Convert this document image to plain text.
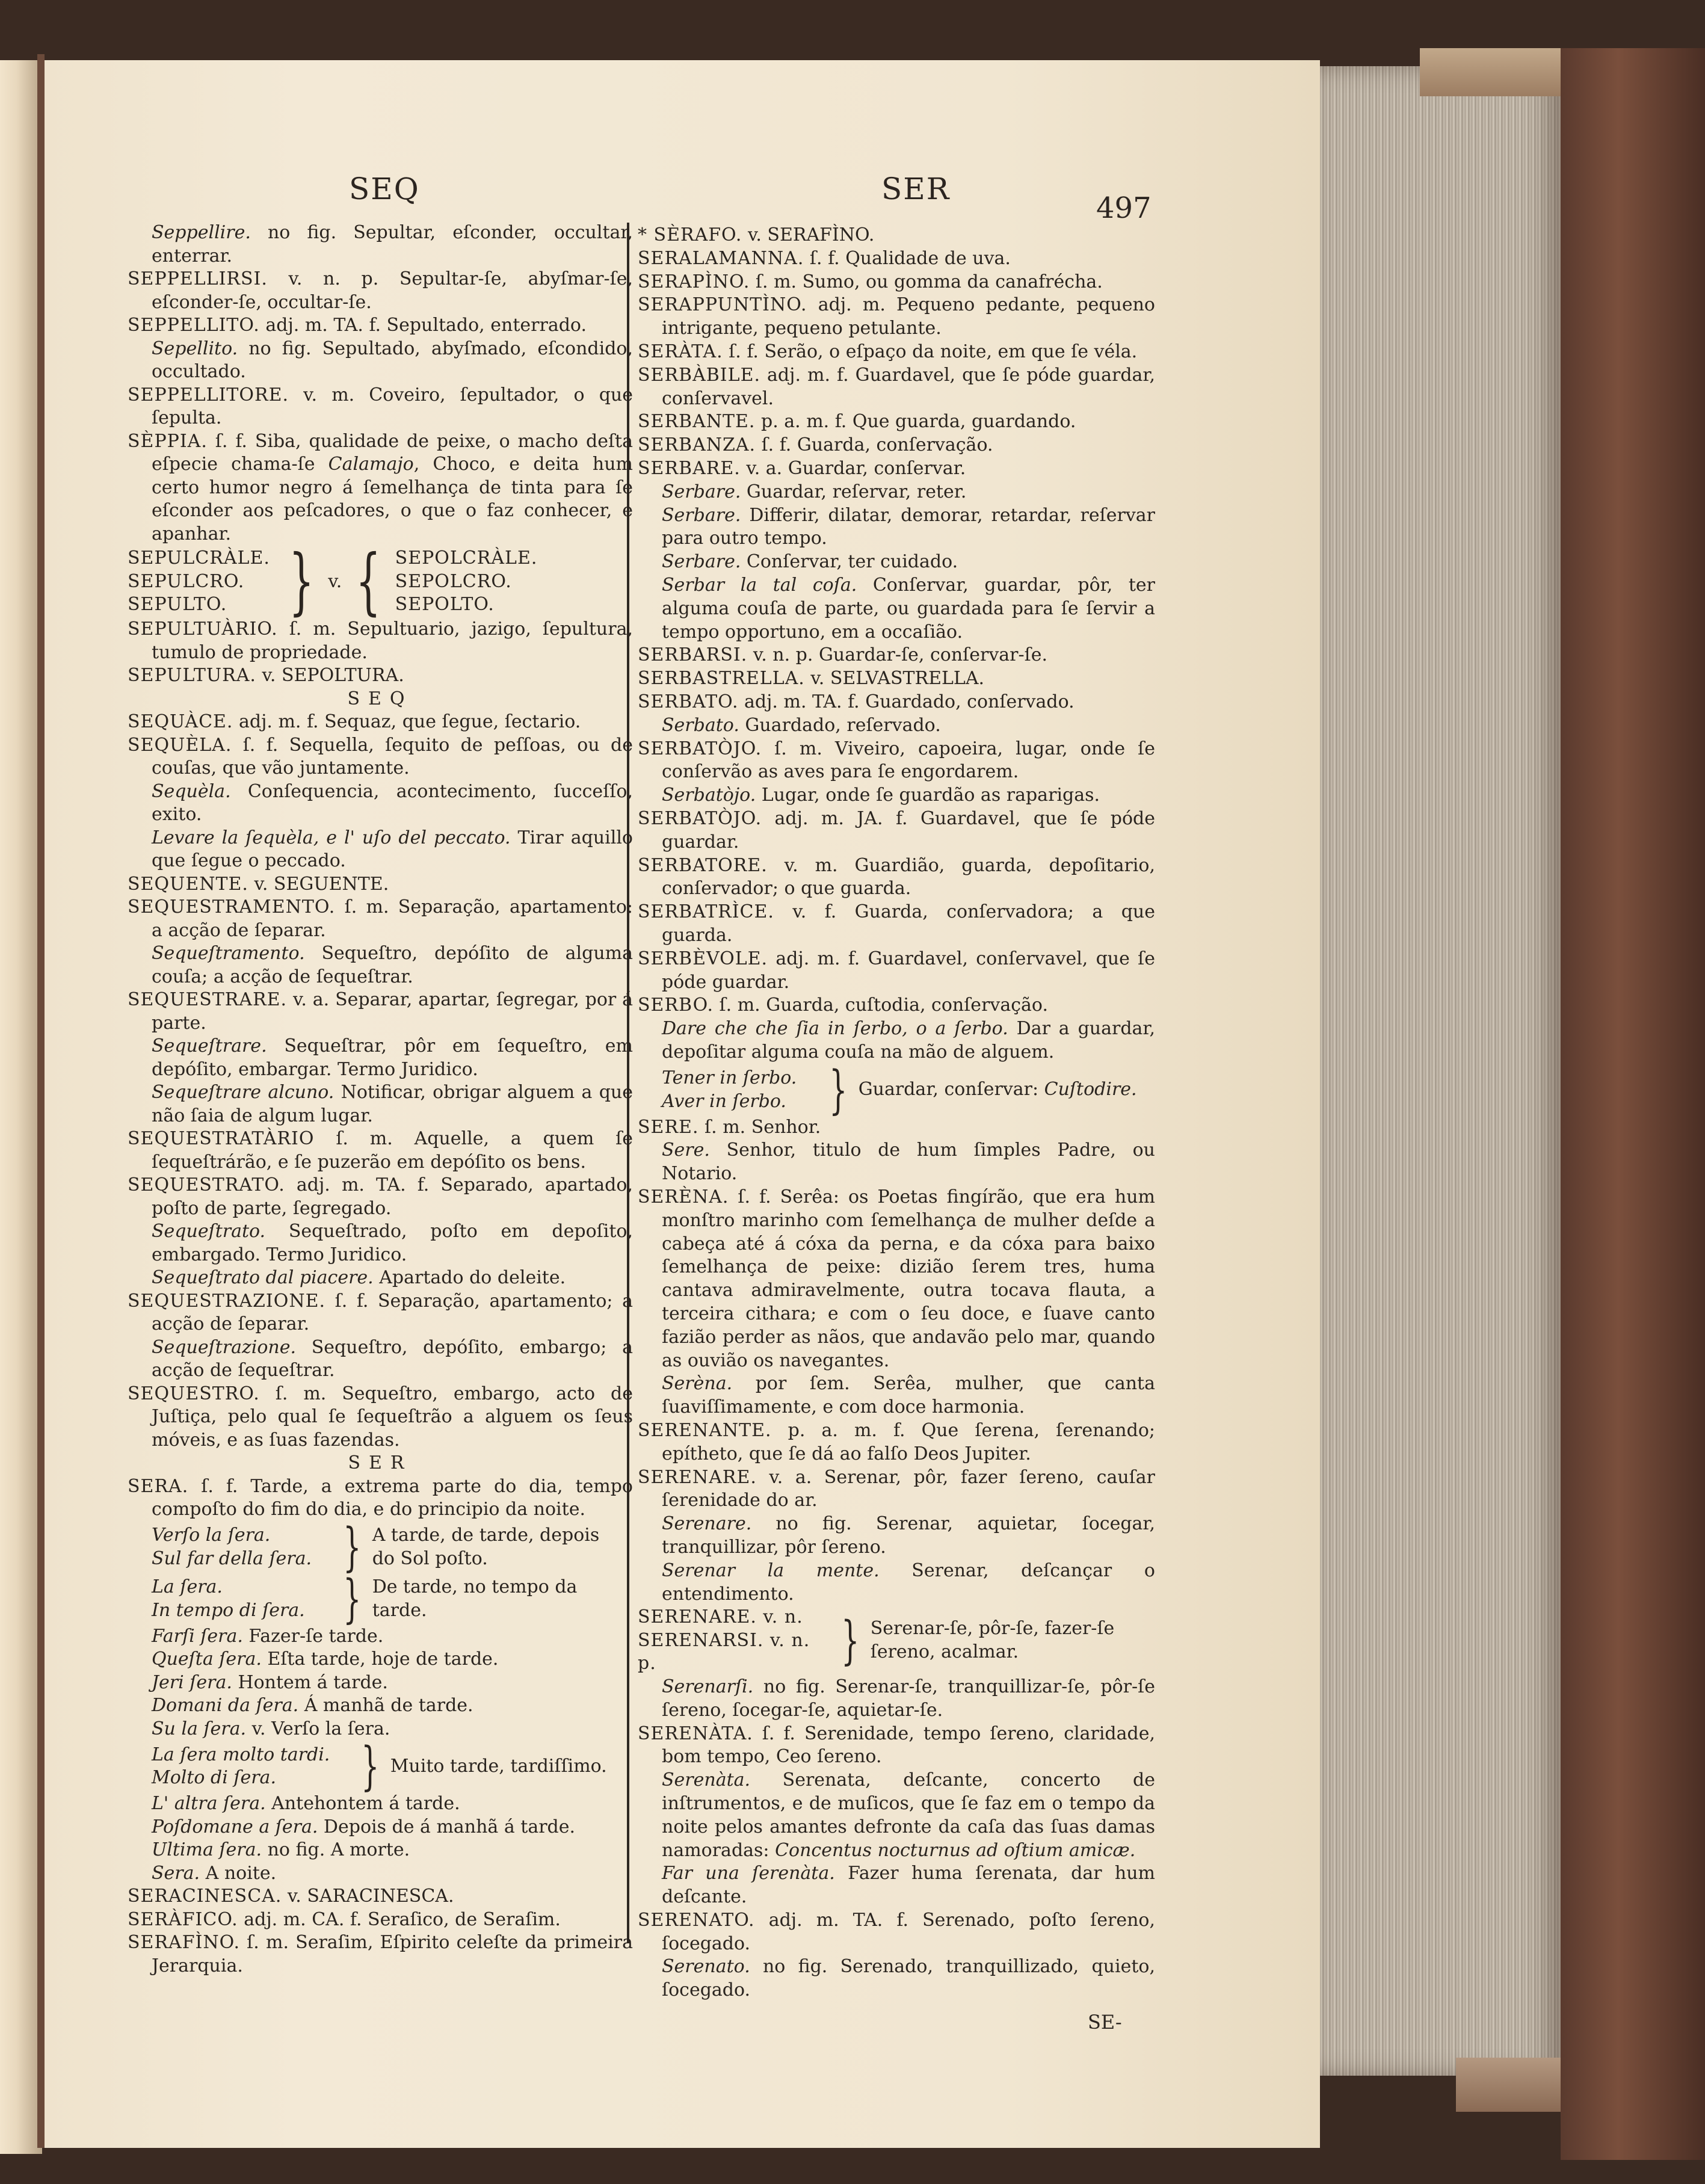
SEQ	SER
497

Seppellire. no fig. Sepultar, eſconder, occultar, enterrar.

SEPPELLIRSI. v. n. p. Sepultar-ſe, abyſmar-ſe, eſconder-ſe, occultar-ſe.

SEPPELLITO. adj. m. TA. f. Sepultado, enterrado.

Sepellito. no fig. Sepultado, abyſmado, eſcondido, occultado.

SEPPELLITORE. v. m. Coveiro, ſepultador, o que ſepulta.

SÈPPIA. ſ. f. Siba, qualidade de peixe, o macho deſta eſpecie chama-ſe Calamajo, Choco, e deita hum certo humor negro á ſemelhança de tinta para ſe eſconder aos peſcadores, o que o faz conhecer, e apanhar.

SEPULCRÀLE.
SEPULCRO.
SEPULTO. } v. { SEPOLCRÀLE.
SEPOLCRO.
SEPOLTO.

SEPULTUÀRIO. ſ. m. Sepultuario, jazigo, ſepultura, tumulo de propriedade.

SEPULTURA. v. SEPOLTURA.

SEQ

SEQUÀCE. adj. m. f. Sequaz, que ſegue, ſectario.

SEQUÈLA. ſ. f. Sequella, ſequito de peſſoas, ou de couſas, que vão juntamente.

Sequèla. Conſequencia, acontecimento, ſucceſſo, exito.

Levare la ſequèla, e l' uſo del peccato. Tirar aquillo que ſegue o peccado.

SEQUENTE. v. SEGUENTE.

SEQUESTRAMENTO. ſ. m. Separação, apartamento: a acção de ſeparar.

Sequeſtramento. Sequeſtro, depóſito de alguma couſa; a acção de ſequeſtrar.

SEQUESTRARE. v. a. Separar, apartar, ſegregar, por á parte.

Sequeſtrare. Sequeſtrar, pôr em ſequeſtro, em depóſito, embargar. Termo Juridico.

Sequeſtrare alcuno. Notificar, obrigar alguem a que não ſaia de algum lugar.

SEQUESTRATÀRIO ſ. m. Aquelle, a quem ſe ſequeſtrárão, e ſe puzerão em depóſito os bens.

SEQUESTRATO. adj. m. TA. f. Separado, apartado, poſto de parte, ſegregado.

Sequeſtrato. Sequeſtrado, poſto em depoſito, embargado. Termo Juridico.

Sequeſtrato dal piacere. Apartado do deleite.

SEQUESTRAZIONE. ſ. f. Separação, apartamento; a acção de ſeparar.

Sequeſtrazione. Sequeſtro, depóſito, embargo; a acção de ſequeſtrar.

SEQUESTRO. ſ. m. Sequeſtro, embargo, acto de Juſtiça, pelo qual ſe ſequeſtrão a alguem os ſeus móveis, e as ſuas fazendas.

SER

SERA. ſ. f. Tarde, a extrema parte do dia, tempo compoſto do fim do dia, e do principio da noite.

Verſo la ſera.
Sul far della ſera. } A tarde, de tarde, depois do Sol poſto.
La ſera.
In tempo di ſera. } De tarde, no tempo da tarde.

Farſi ſera. Fazer-ſe tarde.

Queſta ſera. Eſta tarde, hoje de tarde.

Jeri ſera. Hontem á tarde.

Domani da ſera. Á manhã de tarde.

Su la ſera. v. Verſo la ſera.

La ſera molto tardi.
Molto di ſera.	} Muito tarde, tardiſſimo.

L' altra ſera. Antehontem á tarde.

Poſdomane a ſera. Depois de á manhã á tarde.

Ultima ſera. no fig. A morte.

Sera. A noite.

SERACINESCA. v. SARACINESCA.

SERÀFICO. adj. m. CA. f. Seraſico, de Seraſim.

SERAFÌNO. ſ. m. Seraſim, Eſpirito celeſte da primeira Jerarquia.

* SÈRAFO. v. SERAFÌNO.

SERALAMANNA. ſ. f. Qualidade de uva.

SERAPÌNO. ſ. m. Sumo, ou gomma da canafrécha.

SERAPPUNTÌNO. adj. m. Pequeno pedante, pequeno intrigante, pequeno petulante.

SERÀTA. ſ. f. Serão, o eſpaço da noite, em que ſe véla.

SERBÀBILE. adj. m. f. Guardavel, que ſe póde guardar, conſervavel.

SERBANTE. p. a. m. f. Que guarda, guardando.

SERBANZA. ſ. f. Guarda, conſervação.

SERBARE. v. a. Guardar, conſervar.

Serbare. Guardar, reſervar, reter.

Serbare. Differir, dilatar, demorar, retardar, reſervar para outro tempo.

Serbare. Conſervar, ter cuidado.

Serbar la tal coſa. Conſervar, guardar, pôr, ter alguma couſa de parte, ou guardada para ſe ſervir a tempo opportuno, em a occaſião.

SERBARSI. v. n. p. Guardar-ſe, conſervar-ſe.

SERBASTRELLA. v. SELVASTRELLA.

SERBATO. adj. m. TA. f. Guardado, conſervado.

Serbato. Guardado, reſervado.

SERBATÒJO. ſ. m. Viveiro, capoeira, lugar, onde ſe conſervão as aves para ſe engordarem.

Serbatòjo. Lugar, onde ſe guardão as raparigas.

SERBATÒJO. adj. m. JA. f. Guardavel, que ſe póde guardar.

SERBATORE. v. m. Guardião, guarda, depoſitario, conſervador; o que guarda.

SERBATRÌCE. v. f. Guarda, conſervadora; a que guarda.

SERBÈVOLE. adj. m. f. Guardavel, conſervavel, que ſe póde guardar.

SERBO. ſ. m. Guarda, cuſtodia, conſervação.

Dare che che ſia in ſerbo, o a ſerbo. Dar a guardar, depoſitar alguma couſa na mão de alguem.

Tener in ſerbo.
Aver in ſerbo. } Guardar, conſervar: Cuſtodire.

SERE. ſ. m. Senhor.

Sere. Senhor, titulo de hum ſimples Padre, ou Notario.

SERÈNA. ſ. f. Serêa: os Poetas fingírão, que era hum monſtro marinho com ſemelhança de mulher deſde a cabeça até á cóxa da perna, e da cóxa para baixo ſemelhança de peixe: dizião ſerem tres, huma cantava admiravelmente, outra tocava flauta, a terceira cithara; e com o ſeu doce, e ſuave canto fazião perder as nãos, que andavão pelo mar, quando as ouvião os navegantes.

Serèna. por ſem. Serêa, mulher, que canta ſuaviſſimamente, e com doce harmonia.

SERENANTE. p. a. m. f. Que ſerena, ſerenando; epítheto, que ſe dá ao falſo Deos Jupiter.

SERENARE. v. a. Serenar, pôr, fazer ſereno, cauſar ſerenidade do ar.

Serenare. no fig. Serenar, aquietar, ſocegar, tranquillizar, pôr ſereno.

Serenar la mente. Serenar, deſcançar o entendimento.

SERENARE. v. n.
SERENARSI. v. n. p.	} Serenar-ſe, pôr-ſe, fazer-ſe ſereno, acalmar.

Serenarſi. no fig. Serenar-ſe, tranquillizar-ſe, pôr-ſe ſereno, ſocegar-ſe, aquietar-ſe.

SERENÀTA. ſ. f. Serenidade, tempo ſereno, claridade, bom tempo, Ceo ſereno.

Serenàta. Serenata, deſcante, concerto de inſtrumentos, e de muſicos, que ſe faz em o tempo da noite pelos amantes defronte da caſa das ſuas damas namoradas: Concentus nocturnus ad oſtium amicæ.

Far una ſerenàta. Fazer huma ſerenata, dar hum deſcante.

SERENATO. adj. m. TA. f. Serenado, poſto ſereno, ſocegado.

Serenato. no fig. Serenado, tranquillizado, quieto, ſocegado.

SE-
